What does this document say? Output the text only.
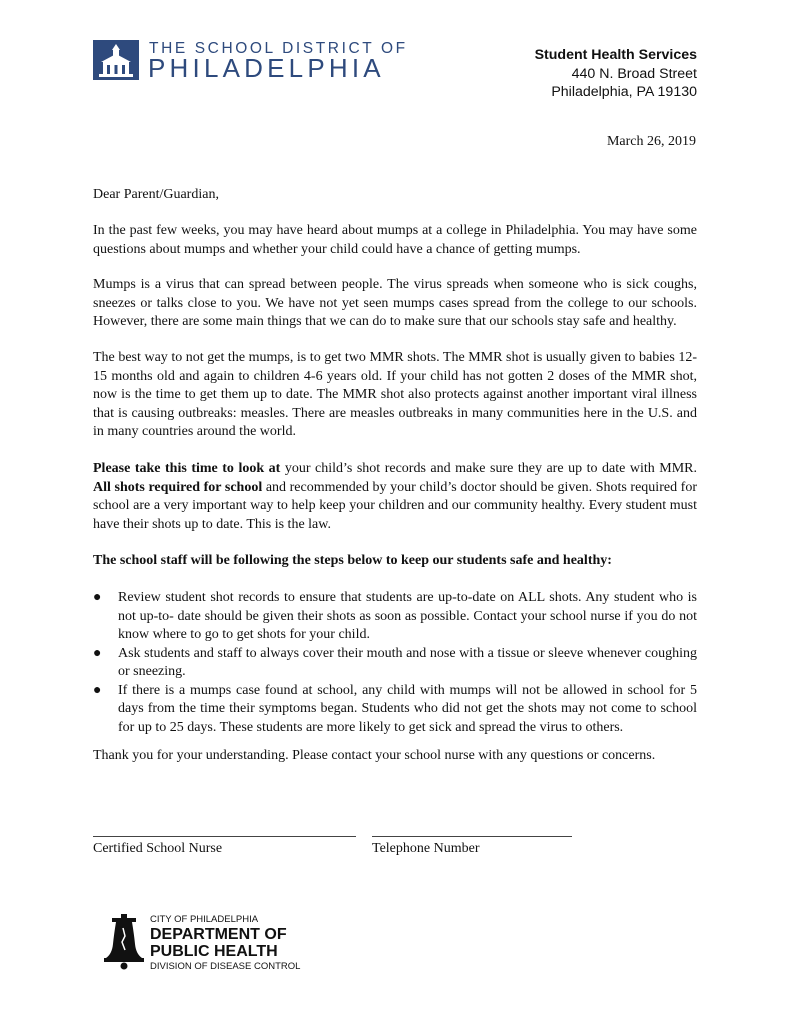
THE SCHOOL DISTRICT OF
PHILADELPHIA	Student Health Services
440 N. Broad Street
Philadelphia, PA 19130
March 26, 2019

Dear Parent/Guardian,

In the past few weeks, you may have heard about mumps at a college in Philadelphia. You may have some questions about mumps and whether your child could have a chance of getting mumps.

Mumps is a virus that can spread between people. The virus spreads when someone who is sick coughs, sneezes or talks close to you. We have not yet seen mumps cases spread from the college to our schools. However, there are some main things that we can do to make sure that our schools stay safe and healthy.

The best way to not get the mumps, is to get two MMR shots. The MMR shot is usually given to babies 12-15 months old and again to children 4-6 years old. If your child has not gotten 2 doses of the MMR shot, now is the time to get them up to date. The MMR shot also protects against another important viral illness that is causing outbreaks: measles. There are measles outbreaks in many communities here in the U.S. and in many countries around the world.

Please take this time to look at your child’s shot records and make sure they are up to date with MMR. All shots required for school and recommended by your child’s doctor should be given. Shots required for school are a very important way to help keep your children and our community healthy. Every student must have their shots up to date. This is the law.

The school staff will be following the steps below to keep our students safe and healthy:

● Review student shot records to ensure that students are up-to-date on ALL shots. Any student who is not up-to- date should be given their shots as soon as possible. Contact your school nurse if you do not know where to go to get shots for your child.
● Ask students and staff to always cover their mouth and nose with a tissue or sleeve whenever coughing or sneezing.
● If there is a mumps case found at school, any child with mumps will not be allowed in school for 5 days from the time their symptoms began. Students who did not get the shots may not come to school for up to 25 days. These students are more likely to get sick and spread the virus to others.

Thank you for your understanding. Please contact your school nurse with any questions or concerns.

Certified School Nurse	Telephone Number
CITY OF PHILADELPHIA
DEPARTMENT OF
PUBLIC HEALTH
DIVISION OF DISEASE CONTROL
